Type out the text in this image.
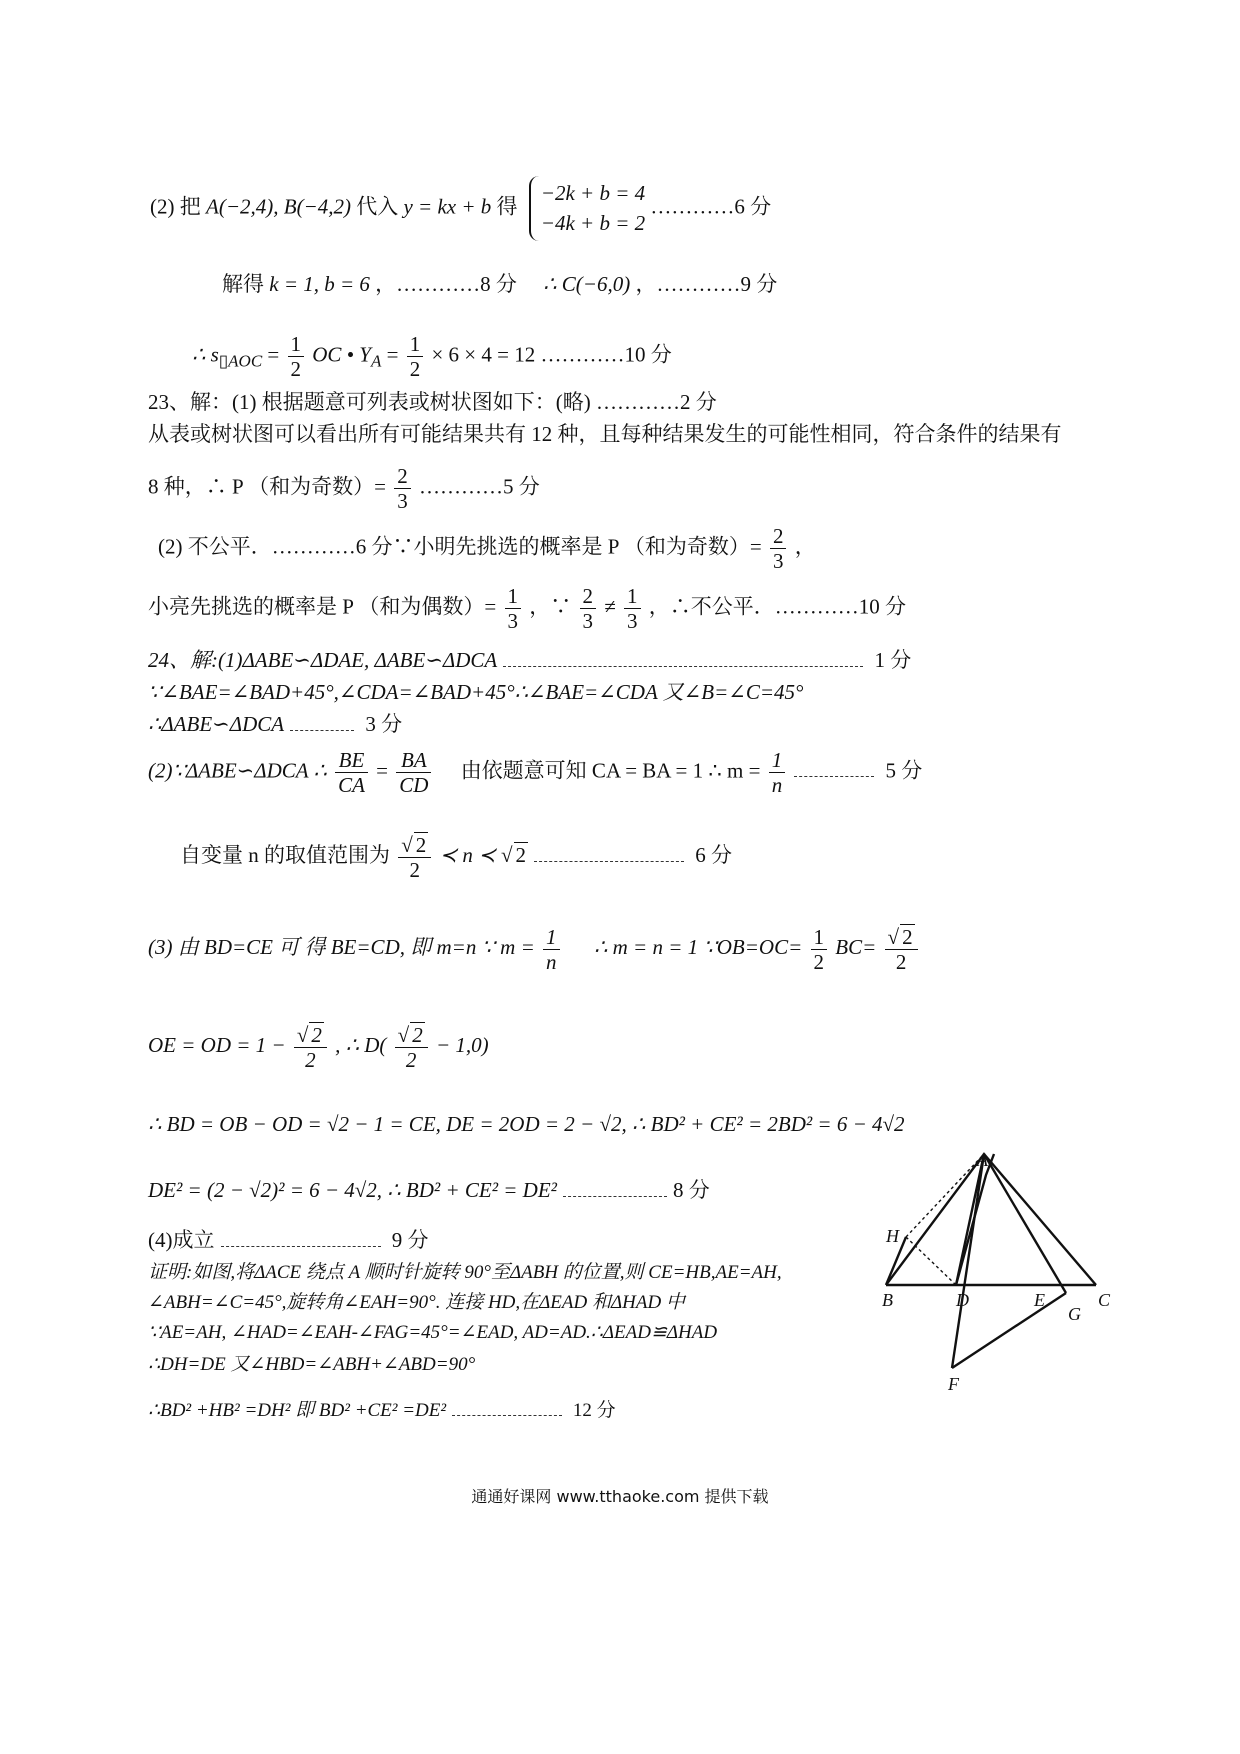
(2) 把 A(−2,4), B(−4,2) 代入 y = kx + b 得
−2k + b = 4
−4k + b = 2
…………6 分
解得 k = 1, b = 6 ，…………8 分 ∴ C(−6,0) ，…………9 分
∴ $s_{▯AOC} = \frac{1}{2}$ OC • $Y_A = \frac{1}{2} \times 6 \times 4 = 12$ …………10 分
23、解：(1) 根据题意可列表或树状图如下：(略) …………2 分
从表或树状图可以看出所有可能结果共有 12 种，且每种结果发生的可能性相同，符合条件的结果有
8 种，∴ P （和为奇数）= $\frac{2}{3}$ …………5 分
(2) 不公平．…………6 分∵小明先挑选的概率是 P （和为奇数）= $\frac{2}{3}$ ，
小亮先挑选的概率是 P （和为偶数）= $\frac{1}{3}$ ，∵ $\frac{2}{3} \ne \frac{1}{3}$ ，∴不公平．…………10 分
24、解:(1)ΔABE∽ΔDAE, ΔABE∽ΔDCA	1 分
∵∠BAE=∠BAD+45°,∠CDA=∠BAD+45°∴∠BAE=∠CDA 又∠B=∠C=45°
∴ΔABE∽ΔDCA	3 分
(2)∵ΔABE∽ΔDCA ∴ $\frac{BE}{CA} = \frac{BA}{CD}$ 由依题意可知 CA = BA = 1 ∴ $m = \frac{1}{n}$	5 分
自变量 n 的取值范围为 $\frac{√ 2}{2}$ ≺ n ≺ √ 2	6 分
(3) 由 BD=CE 可 得 BE=CD, 即 m=n ∵ $m = \frac{1}{n}$ ∴ m = n = 1 ∵OB=OC= $\frac{1}{2} BC= \frac{√ 2}{2}$
OE = OD = $1 - \frac{√ 2}{2}$ , ∴ $D( \frac{√ 2}{2} - 1,0)$
∴ BD = OB − OD = √2 − 1 = CE, DE = 2OD = 2 − √2, ∴ BD² + CE² = 2BD² = 6 − 4√2
DE² = (2 − √2)² = 6 − 4√2, ∴ BD² + CE² = DE²	8 分
(4)成立	9 分
证明:如图,将ΔACE 绕点 A 顺时针旋转 90°至ΔABH 的位置,则 CE=HB,AE=AH,
∠ABH=∠C=45°,旋转角∠EAH=90°. 连接 HD,在ΔEAD 和ΔHAD 中
∵AE=AH, ∠HAD=∠EAH-∠FAG=45°=∠EAD, AD=AD.∴ΔEAD≌ΔHAD
∴DH=DE 又∠HBD=∠ABH+∠ABD=90°
∴BD² +HB² =DH² 即 BD² +CE² =DE²	12 分
A
H
B	D	E	C
G
F
通通好课网 www.tthaoke.com 提供下载
